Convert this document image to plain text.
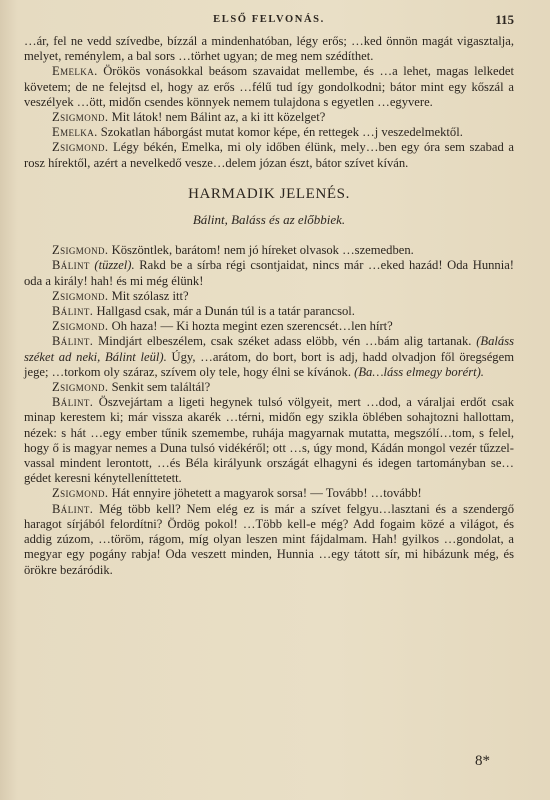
ELSŐ FELVONÁS.	115

…ár, fel ne vedd szívedbe, bízzál a mindenhatóban, légy erős; …ked önnön magát vigasztalja, melyet, reménylem, a bal sors …törhet ugyan; de meg nem szédíthet.

Emelka. Örökös vonásokkal beásom szavaidat mellembe, és …a lehet, magas lelkedet követem; de ne felejtsd el, hogy az erős …félű tud így gondolkodni; bátor mint egy kőszál a veszélyek …ött, midőn csendes könnyek nemem tulajdona s egyetlen …egyvere.

Zsigmond. Mit látok! nem Bálint az, a ki itt közelget?

Emelka. Szokatlan háborgást mutat komor képe, én rettegek …j veszedelmektől.

Zsigmond. Légy békén, Emelka, mi oly időben élünk, mely…ben egy óra sem szabad a rosz hírektől, azért a nevelkedő vesze…delem józan észt, bátor szívet kíván.

HARMADIK JELENÉS.
Bálint, Baláss és az előbbiek.

Zsigmond. Köszöntlek, barátom! nem jó híreket olvasok …szemedben.

Bálint (tüzzel). Rakd be a sírba régi csontjaidat, nincs már …eked hazád! Oda Hunnia! oda a király! hah! és mi még élünk!

Zsigmond. Mit szólasz itt?

Bálint. Hallgasd csak, már a Dunán túl is a tatár parancsol.

Zsigmond. Oh haza! — Ki hozta megint ezen szerencsét…len hírt?

Bálint. Mindjárt elbeszélem, csak széket adass elöbb, vén …bám alig tartanak. (Baláss széket ad neki, Bálint leül). Úgy, …arátom, do bort, bort is adj, hadd olvadjon fől öregségem jege; …torkom oly száraz, szívem oly tele, hogy élni se kívánok. (Ba…láss elmegy borért).

Zsigmond. Senkit sem találtál?

Bálint. Öszvejártam a ligeti hegynek tulsó völgyeit, mert …dod, a váraljai erdőt csak minap kerestem ki; már vissza akarék …térni, midőn egy szikla öblében sohajtozni hallottam, nézek: s hát …egy ember tűnik szemembe, ruhája magyarnak mutatta, megszólí…tom, s felel, hogy ő is magyar nemes a Duna tulsó vidékéről; ott …s, úgy mond, Kádán mongol vezér tűzzel-vassal mindent lerontott, …és Béla királyunk országát elhagyni és idegen tartományban se…gédet keresni kénytelleníttetett.

Zsigmond. Hát ennyire jöhetett a magyarok sorsa! — Tovább! …tovább!

Bálint. Még több kell? Nem elég ez is már a szívet felgyu…lasztani és a szendergő haragot sírjából felordítni? Ördög pokol! …Több kell-e még? Add fogaim közé a világot, és addig zúzom, …töröm, rágom, míg olyan leszen mint fájdalmam. Hah! gyilkos …gondolat, a megyar egy pogány rabja! Oda veszett minden, Hunnia …egy tátott sír, mi hibázunk még, és örökre bezáródik.

8*
